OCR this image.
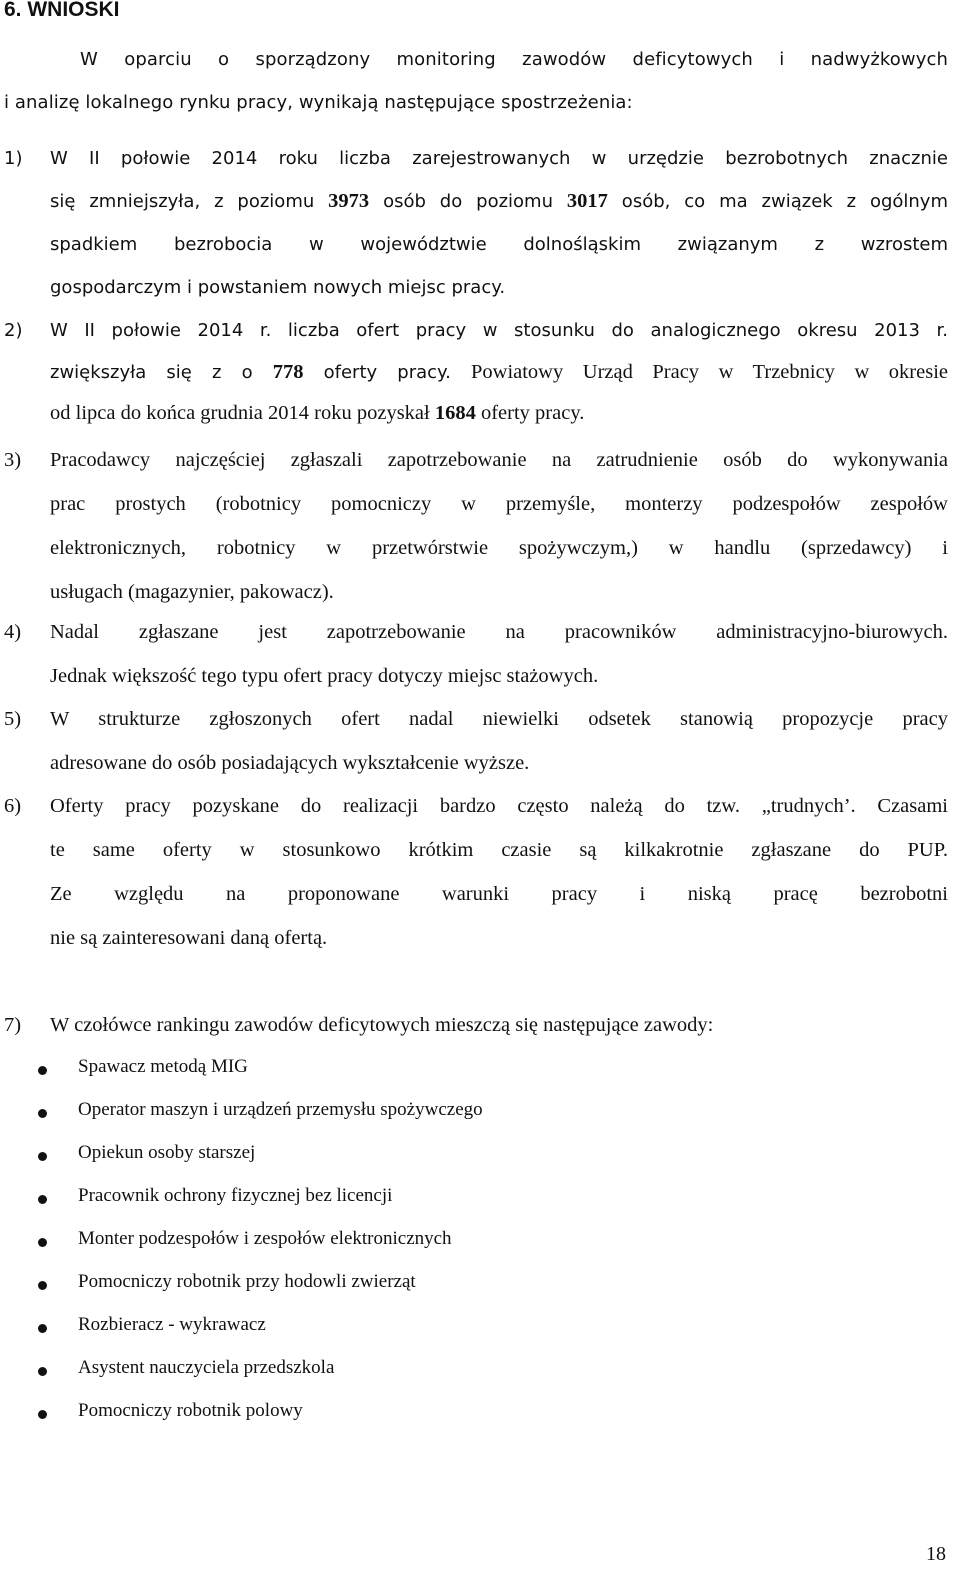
6. WNIOSKI
W oparciu o sporządzony monitoring zawodów deficytowych i nadwyżkowych
i analizę lokalnego rynku pracy, wynikają następujące spostrzeżenia:
1) W II połowie 2014 roku liczba zarejestrowanych w urzędzie bezrobotnych znacznie
się zmniejszyła, z poziomu 3973 osób do poziomu 3017 osób, co ma związek z ogólnym
spadkiem bezrobocia w województwie dolnośląskim związanym z wzrostem
gospodarczym i powstaniem nowych miejsc pracy.
2) W II połowie 2014 r. liczba ofert pracy w stosunku do analogicznego okresu 2013 r.
zwiększyła się z o 778 oferty pracy. Powiatowy Urząd Pracy w Trzebnicy w okresie
od lipca do końca grudnia 2014 roku pozyskał 1684 oferty pracy.
3) Pracodawcy najczęściej zgłaszali zapotrzebowanie na zatrudnienie osób do wykonywania
prac prostych (robotnicy pomocniczy w przemyśle, monterzy podzespołów zespołów
elektronicznych, robotnicy w przetwórstwie spożywczym,) w handlu (sprzedawcy) i
usługach (magazynier, pakowacz).
4) Nadal zgłaszane jest zapotrzebowanie na pracowników administracyjno-biurowych.
Jednak większość tego typu ofert pracy dotyczy miejsc stażowych.
5) W strukturze zgłoszonych ofert nadal niewielki odsetek stanowią propozycje pracy
adresowane do osób posiadających wykształcenie wyższe.
6) Oferty pracy pozyskane do realizacji bardzo często należą do tzw. „trudnych’. Czasami
te same oferty w stosunkowo krótkim czasie są kilkakrotnie zgłaszane do PUP.
Ze względu na proponowane warunki pracy i niską pracę bezrobotni
nie są zainteresowani daną ofertą.
7) W czołówce rankingu zawodów deficytowych mieszczą się następujące zawody:
Spawacz metodą MIG
Operator maszyn i urządzeń przemysłu spożywczego
Opiekun osoby starszej
Pracownik ochrony fizycznej bez licencji
Monter podzespołów i zespołów elektronicznych
Pomocniczy robotnik przy hodowli zwierząt
Rozbieracz - wykrawacz
Asystent nauczyciela przedszkola
Pomocniczy robotnik polowy
18
